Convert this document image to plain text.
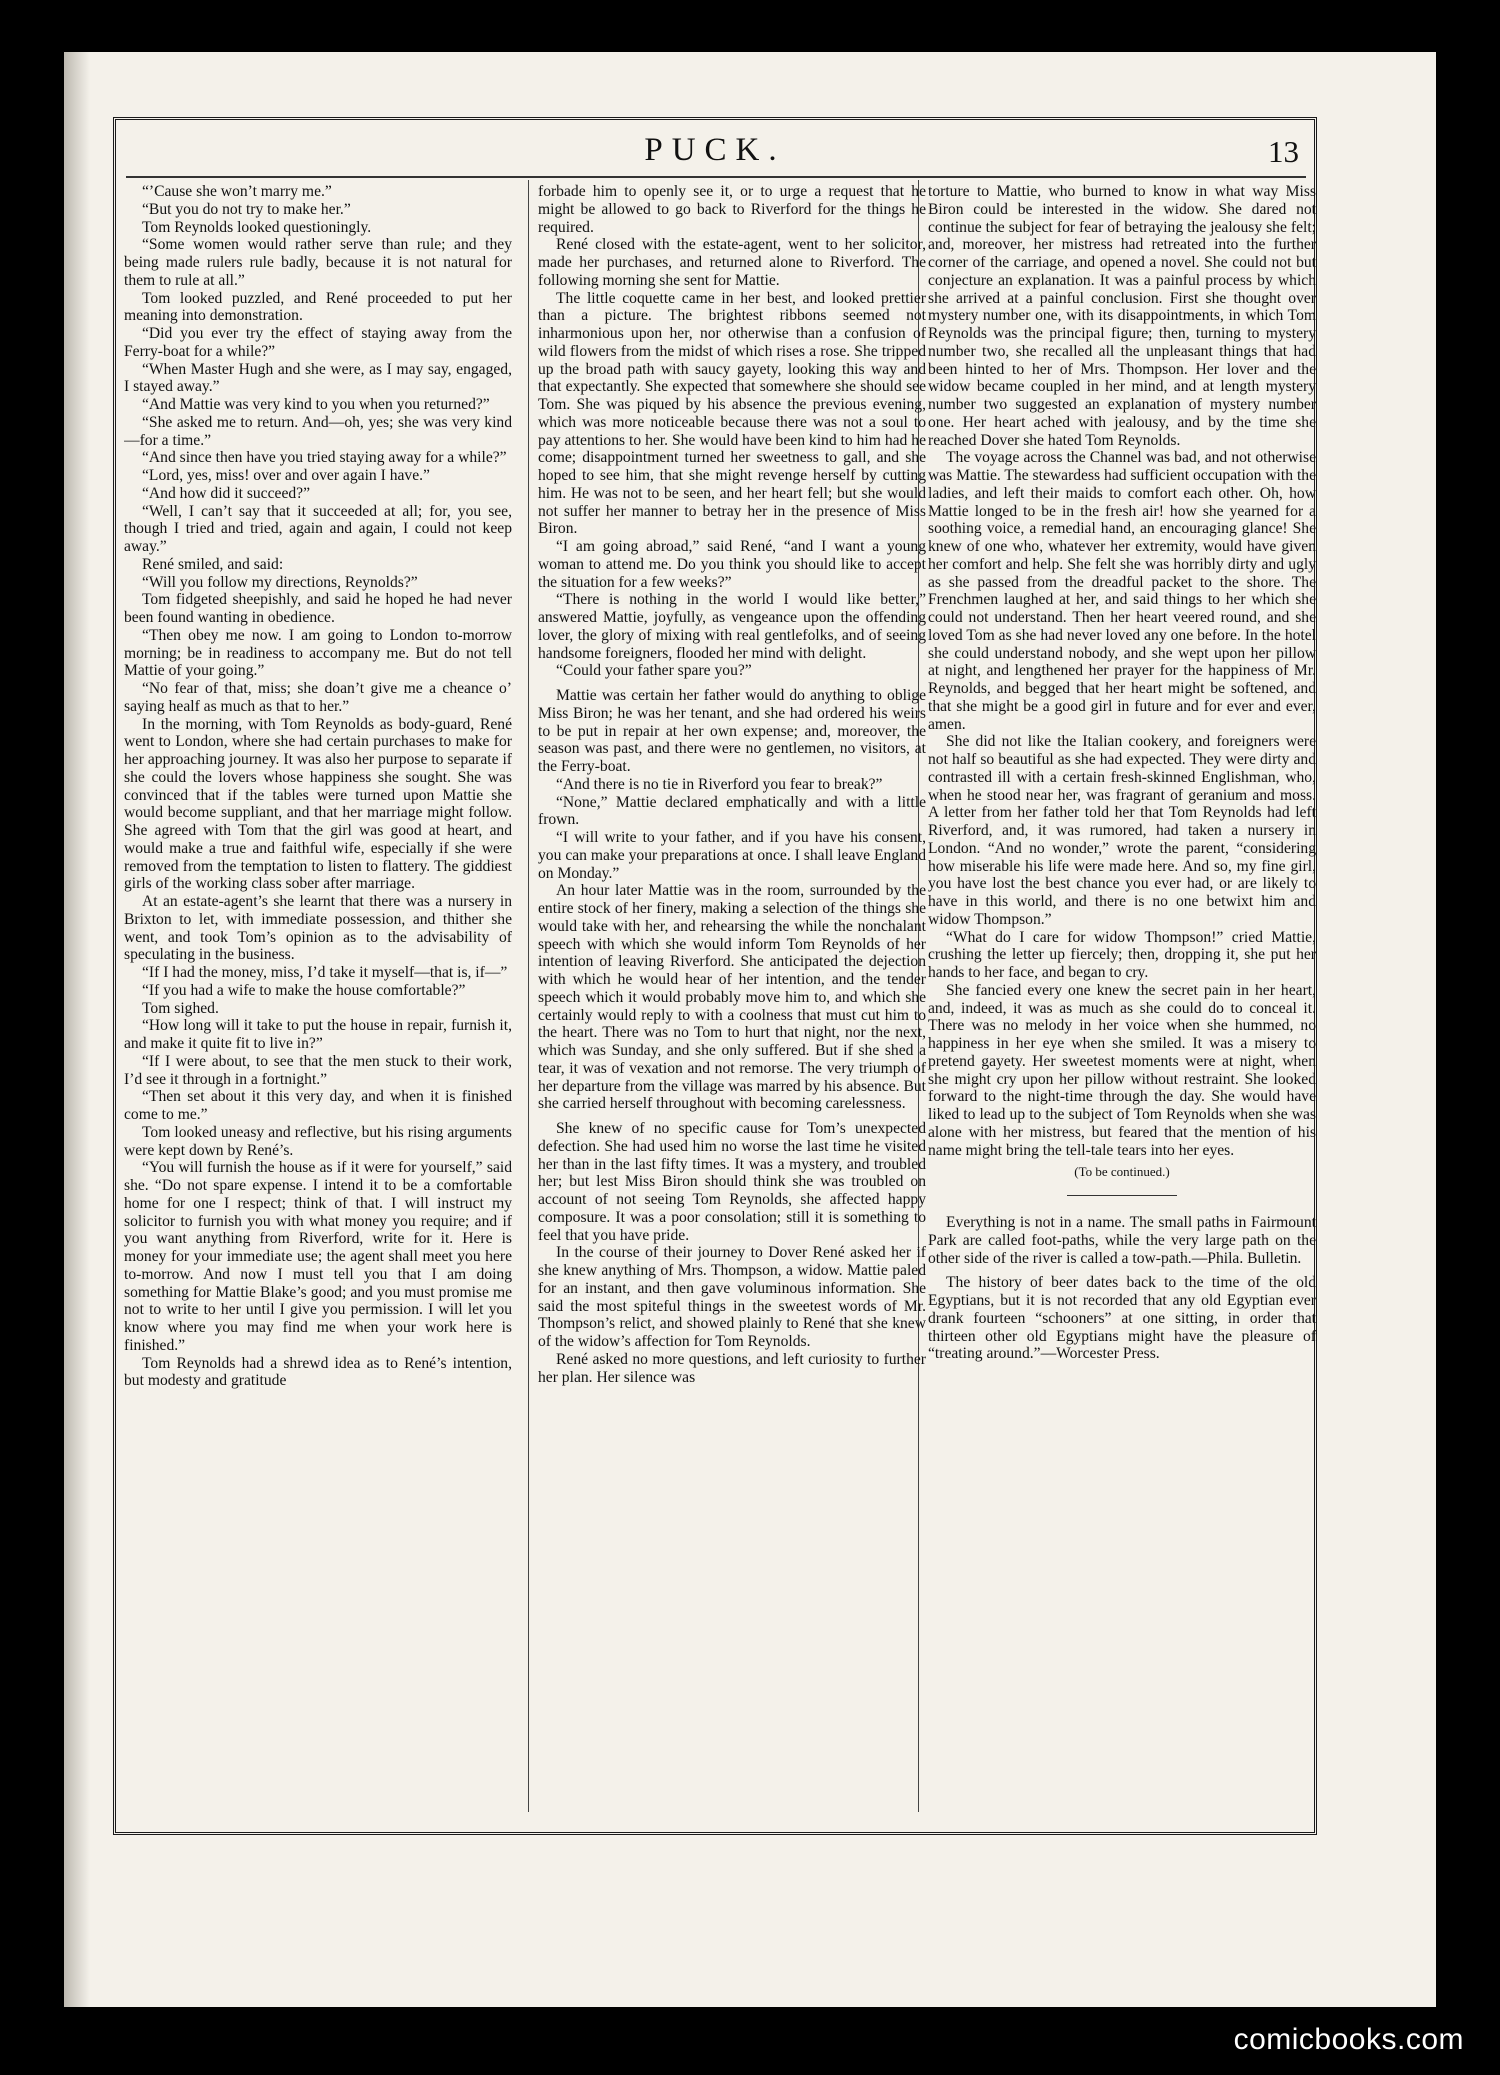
PUCK.	13

“’Cause she won’t marry me.”

“But you do not try to make her.”

Tom Reynolds looked questioningly.

“Some women would rather serve than rule; and they being made rulers rule badly, because it is not natural for them to rule at all.”

Tom looked puzzled, and René proceeded to put her meaning into demonstration.

“Did you ever try the effect of staying away from the Ferry-boat for a while?”

“When Master Hugh and she were, as I may say, engaged, I stayed away.”

“And Mattie was very kind to you when you returned?”

“She asked me to return. And—oh, yes; she was very kind—for a time.”

“And since then have you tried staying away for a while?”

“Lord, yes, miss! over and over again I have.”

“And how did it succeed?”

“Well, I can’t say that it succeeded at all; for, you see, though I tried and tried, again and again, I could not keep away.”

René smiled, and said:

“Will you follow my directions, Reynolds?”

Tom fidgeted sheepishly, and said he hoped he had never been found wanting in obedience.

“Then obey me now. I am going to London to-morrow morning; be in readiness to accompany me. But do not tell Mattie of your going.”

“No fear of that, miss; she doan’t give me a cheance o’ saying healf as much as that to her.”

In the morning, with Tom Reynolds as body-guard, René went to London, where she had certain purchases to make for her approaching journey. It was also her purpose to separate if she could the lovers whose happiness she sought. She was convinced that if the tables were turned upon Mattie she would become suppliant, and that her marriage might follow. She agreed with Tom that the girl was good at heart, and would make a true and faithful wife, especially if she were removed from the temptation to listen to flattery. The giddiest girls of the working class sober after marriage.

At an estate-agent’s she learnt that there was a nursery in Brixton to let, with immediate possession, and thither she went, and took Tom’s opinion as to the advisability of speculating in the business.

“If I had the money, miss, I’d take it myself—that is, if—”

“If you had a wife to make the house comfortable?”

Tom sighed.

“How long will it take to put the house in repair, furnish it, and make it quite fit to live in?”

“If I were about, to see that the men stuck to their work, I’d see it through in a fortnight.”

“Then set about it this very day, and when it is finished come to me.”

Tom looked uneasy and reflective, but his rising arguments were kept down by René’s.

“You will furnish the house as if it were for yourself,” said she. “Do not spare expense. I intend it to be a comfortable home for one I respect; think of that. I will instruct my solicitor to furnish you with what money you require; and if you want anything from Riverford, write for it. Here is money for your immediate use; the agent shall meet you here to-morrow. And now I must tell you that I am doing something for Mattie Blake’s good; and you must promise me not to write to her until I give you permission. I will let you know where you may find me when your work here is finished.”

Tom Reynolds had a shrewd idea as to René’s intention, but modesty and gratitude

forbade him to openly see it, or to urge a request that he might be allowed to go back to Riverford for the things he required.

René closed with the estate-agent, went to her solicitor, made her purchases, and returned alone to Riverford. The following morning she sent for Mattie.

The little coquette came in her best, and looked prettier than a picture. The brightest ribbons seemed not inharmonious upon her, nor otherwise than a confusion of wild flowers from the midst of which rises a rose. She tripped up the broad path with saucy gayety, looking this way and that expectantly. She expected that somewhere she should see Tom. She was piqued by his absence the previous evening, which was more noticeable because there was not a soul to pay attentions to her. She would have been kind to him had he come; disappointment turned her sweetness to gall, and she hoped to see him, that she might revenge herself by cutting him. He was not to be seen, and her heart fell; but she would not suffer her manner to betray her in the presence of Miss Biron.

“I am going abroad,” said René, “and I want a young woman to attend me. Do you think you should like to accept the situation for a few weeks?”

“There is nothing in the world I would like better,” answered Mattie, joyfully, as vengeance upon the offending lover, the glory of mixing with real gentlefolks, and of seeing handsome foreigners, flooded her mind with delight.

“Could your father spare you?”

Mattie was certain her father would do anything to oblige Miss Biron; he was her tenant, and she had ordered his weirs to be put in repair at her own expense; and, moreover, the season was past, and there were no gentlemen, no visitors, at the Ferry-boat.

“And there is no tie in Riverford you fear to break?”

“None,” Mattie declared emphatically and with a little frown.

“I will write to your father, and if you have his consent, you can make your preparations at once. I shall leave England on Monday.”

An hour later Mattie was in the room, surrounded by the entire stock of her finery, making a selection of the things she would take with her, and rehearsing the while the nonchalant speech with which she would inform Tom Reynolds of her intention of leaving Riverford. She anticipated the dejection with which he would hear of her intention, and the tender speech which it would probably move him to, and which she certainly would reply to with a coolness that must cut him to the heart. There was no Tom to hurt that night, nor the next, which was Sunday, and she only suffered. But if she shed a tear, it was of vexation and not remorse. The very triumph of her departure from the village was marred by his absence. But she carried herself throughout with becoming carelessness.

She knew of no specific cause for Tom’s unexpected defection. She had used him no worse the last time he visited her than in the last fifty times. It was a mystery, and troubled her; but lest Miss Biron should think she was troubled on account of not seeing Tom Reynolds, she affected happy composure. It was a poor consolation; still it is something to feel that you have pride.

In the course of their journey to Dover René asked her if she knew anything of Mrs. Thompson, a widow. Mattie paled for an instant, and then gave voluminous information. She said the most spiteful things in the sweetest words of Mr. Thompson’s relict, and showed plainly to René that she knew of the widow’s affection for Tom Reynolds.

René asked no more questions, and left curiosity to further her plan. Her silence was

torture to Mattie, who burned to know in what way Miss Biron could be interested in the widow. She dared not continue the subject for fear of betraying the jealousy she felt; and, moreover, her mistress had retreated into the further corner of the carriage, and opened a novel. She could not but conjecture an explanation. It was a painful process by which she arrived at a painful conclusion. First she thought over mystery number one, with its disappointments, in which Tom Reynolds was the principal figure; then, turning to mystery number two, she recalled all the unpleasant things that had been hinted to her of Mrs. Thompson. Her lover and the widow became coupled in her mind, and at length mystery number two suggested an explanation of mystery number one. Her heart ached with jealousy, and by the time she reached Dover she hated Tom Reynolds.

The voyage across the Channel was bad, and not otherwise was Mattie. The stewardess had sufficient occupation with the ladies, and left their maids to comfort each other. Oh, how Mattie longed to be in the fresh air! how she yearned for a soothing voice, a remedial hand, an encouraging glance! She knew of one who, whatever her extremity, would have given her comfort and help. She felt she was horribly dirty and ugly as she passed from the dreadful packet to the shore. The Frenchmen laughed at her, and said things to her which she could not understand. Then her heart veered round, and she loved Tom as she had never loved any one before. In the hotel she could understand nobody, and she wept upon her pillow at night, and lengthened her prayer for the happiness of Mr. Reynolds, and begged that her heart might be softened, and that she might be a good girl in future and for ever and ever, amen.

She did not like the Italian cookery, and foreigners were not half so beautiful as she had expected. They were dirty and contrasted ill with a certain fresh-skinned Englishman, who, when he stood near her, was fragrant of geranium and moss. A letter from her father told her that Tom Reynolds had left Riverford, and, it was rumored, had taken a nursery in London. “And no wonder,” wrote the parent, “considering how miserable his life were made here. And so, my fine girl, you have lost the best chance you ever had, or are likely to have in this world, and there is no one betwixt him and widow Thompson.”

“What do I care for widow Thompson!” cried Mattie, crushing the letter up fiercely; then, dropping it, she put her hands to her face, and began to cry.

She fancied every one knew the secret pain in her heart, and, indeed, it was as much as she could do to conceal it. There was no melody in her voice when she hummed, no happiness in her eye when she smiled. It was a misery to pretend gayety. Her sweetest moments were at night, when she might cry upon her pillow without restraint. She looked forward to the night-time through the day. She would have liked to lead up to the subject of Tom Reynolds when she was alone with her mistress, but feared that the mention of his name might bring the tell-tale tears into her eyes.

(To be continued.)

Everything is not in a name. The small paths in Fairmount Park are called foot-paths, while the very large path on the other side of the river is called a tow-path.—Phila. Bulletin.

The history of beer dates back to the time of the old Egyptians, but it is not recorded that any old Egyptian ever drank fourteen “schooners” at one sitting, in order that thirteen other old Egyptians might have the pleasure of “treating around.”—Worcester Press.

comicbooks.com
